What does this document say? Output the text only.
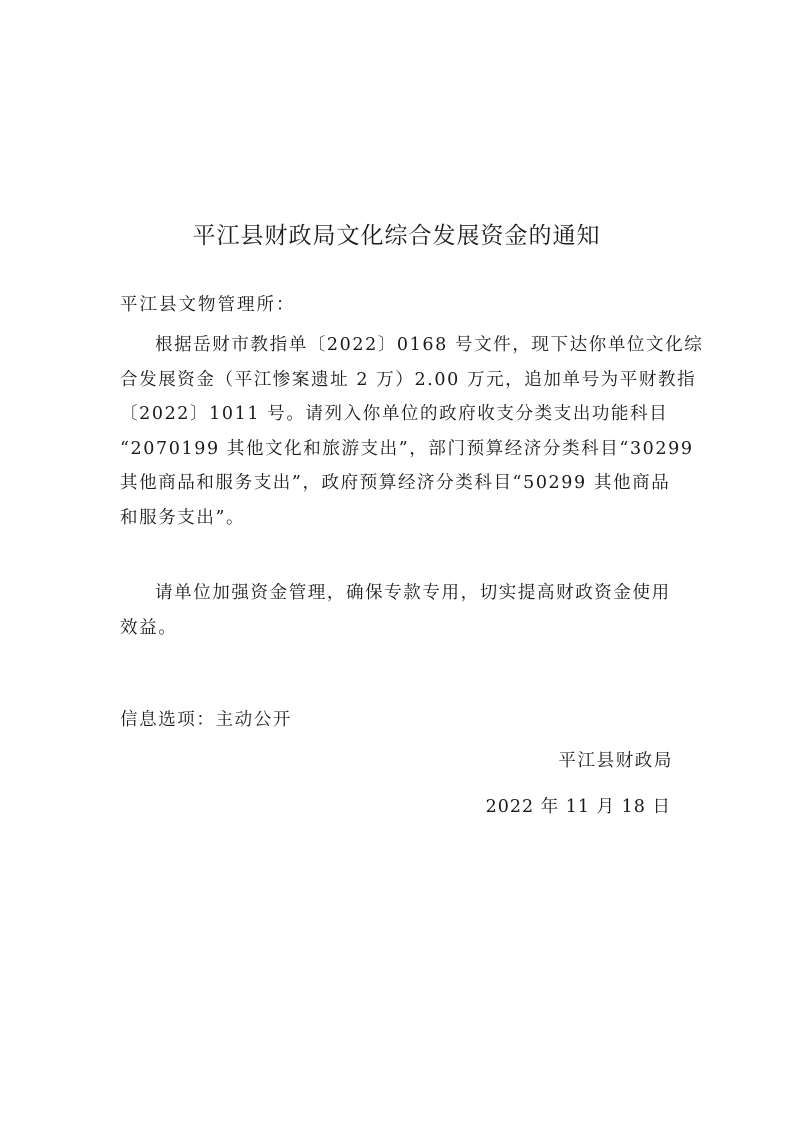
平江县财政局文化综合发展资金的通知
平江县文物管理所：
根据岳财市教指单〔2022〕0168 号文件，现下达你单位文化综
合发展资金（平江惨案遗址 2 万）2.00 万元，追加单号为平财教指
〔2022〕1011 号。请列入你单位的政府收支分类支出功能科目
“2070199 其他文化和旅游支出”，部门预算经济分类科目“30299
其他商品和服务支出”，政府预算经济分类科目“50299 其他商品
和服务支出”。
请单位加强资金管理，确保专款专用，切实提高财政资金使用
效益。
信息选项：主动公开
平江县财政局
2022 年 11 月 18 日
